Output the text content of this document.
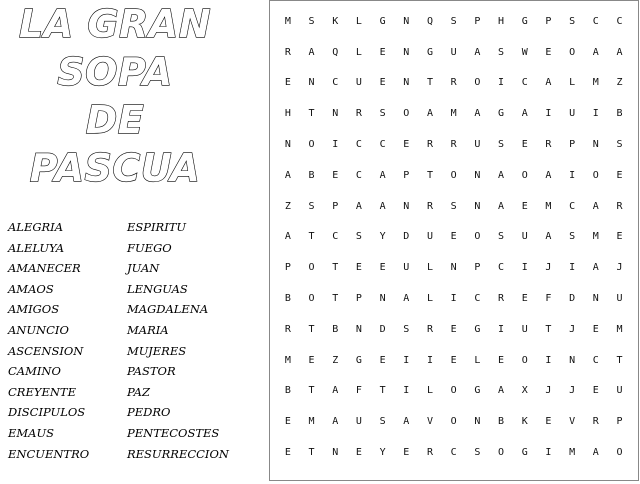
LA GRAN
SOPA
DE
PASCUA
ALEGRIA
ALELUYA
AMANECER
AMAOS
AMIGOS
ANUNCIO
ASCENSION
CAMINO
CREYENTE
DISCIPULOS
EMAUS
ENCUENTRO
ESPIRITU
FUEGO
JUAN
LENGUAS
MAGDALENA
MARIA
MUJERES
PASTOR
PAZ
PEDRO
PENTECOSTES
RESURRECCION
M	S	K	L	G	N	Q	S	P	H	G	P	S	C	C
R	A	Q	L	E	N	G	U	A	S	W	E	O	A	A
E	N	C	U	E	N	T	R	O	I	C	A	L	M	Z
H	T	N	R	S	O	A	M	A	G	A	I	U	I	B
N	O	I	C	C	E	R	R	U	S	E	R	P	N	S
A	B	E	C	A	P	T	O	N	A	O	A	I	O	E
Z	S	P	A	A	N	R	S	N	A	E	M	C	A	R
A	T	C	S	Y	D	U	E	O	S	U	A	S	M	E
P	O	T	E	E	U	L	N	P	C	I	J	I	A	J
B	O	T	P	N	A	L	I	C	R	E	F	D	N	U
R	T	B	N	D	S	R	E	G	I	U	T	J	E	M
M	E	Z	G	E	I	I	E	L	E	O	I	N	C	T
B	T	A	F	T	I	L	O	G	A	X	J	J	E	U
E	M	A	U	S	A	V	O	N	B	K	E	V	R	P
E	T	N	E	Y	E	R	C	S	O	G	I	M	A	O
